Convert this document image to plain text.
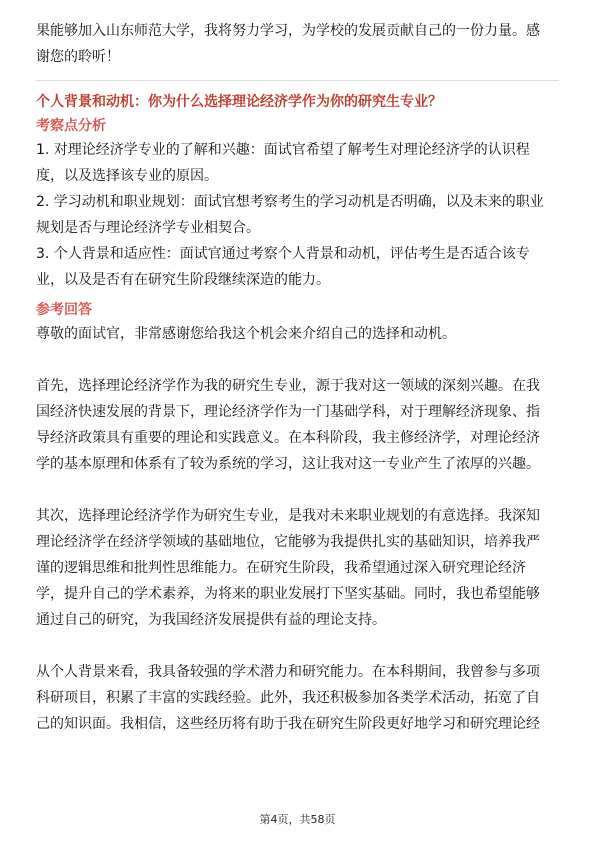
果能够加入山东师范大学，我将努力学习，为学校的发展贡献自己的一份力量。感

谢您的聆听！

个人背景和动机：你为什么选择理论经济学作为你的研究生专业？

考察点分析

1. 对理论经济学专业的了解和兴趣：面试官希望了解考生对理论经济学的认识程

度，以及选择该专业的原因。

2. 学习动机和职业规划：面试官想考察考生的学习动机是否明确，以及未来的职业

规划是否与理论经济学专业相契合。

3. 个人背景和适应性：面试官通过考察个人背景和动机，评估考生是否适合该专

业，以及是否有在研究生阶段继续深造的能力。

参考回答

尊敬的面试官，非常感谢您给我这个机会来介绍自己的选择和动机。

首先，选择理论经济学作为我的研究生专业，源于我对这一领域的深刻兴趣。在我

国经济快速发展的背景下，理论经济学作为一门基础学科，对于理解经济现象、指

导经济政策具有重要的理论和实践意义。在本科阶段，我主修经济学，对理论经济

学的基本原理和体系有了较为系统的学习，这让我对这一专业产生了浓厚的兴趣。

其次，选择理论经济学作为研究生专业，是我对未来职业规划的有意选择。我深知

理论经济学在经济学领域的基础地位，它能够为我提供扎实的基础知识，培养我严

谨的逻辑思维和批判性思维能力。在研究生阶段，我希望通过深入研究理论经济

学，提升自己的学术素养，为将来的职业发展打下坚实基础。同时，我也希望能够

通过自己的研究，为我国经济发展提供有益的理论支持。

从个人背景来看，我具备较强的学术潜力和研究能力。在本科期间，我曾参与多项

科研项目，积累了丰富的实践经验。此外，我还积极参加各类学术活动，拓宽了自

己的知识面。我相信，这些经历将有助于我在研究生阶段更好地学习和研究理论经

第4页，共58页
